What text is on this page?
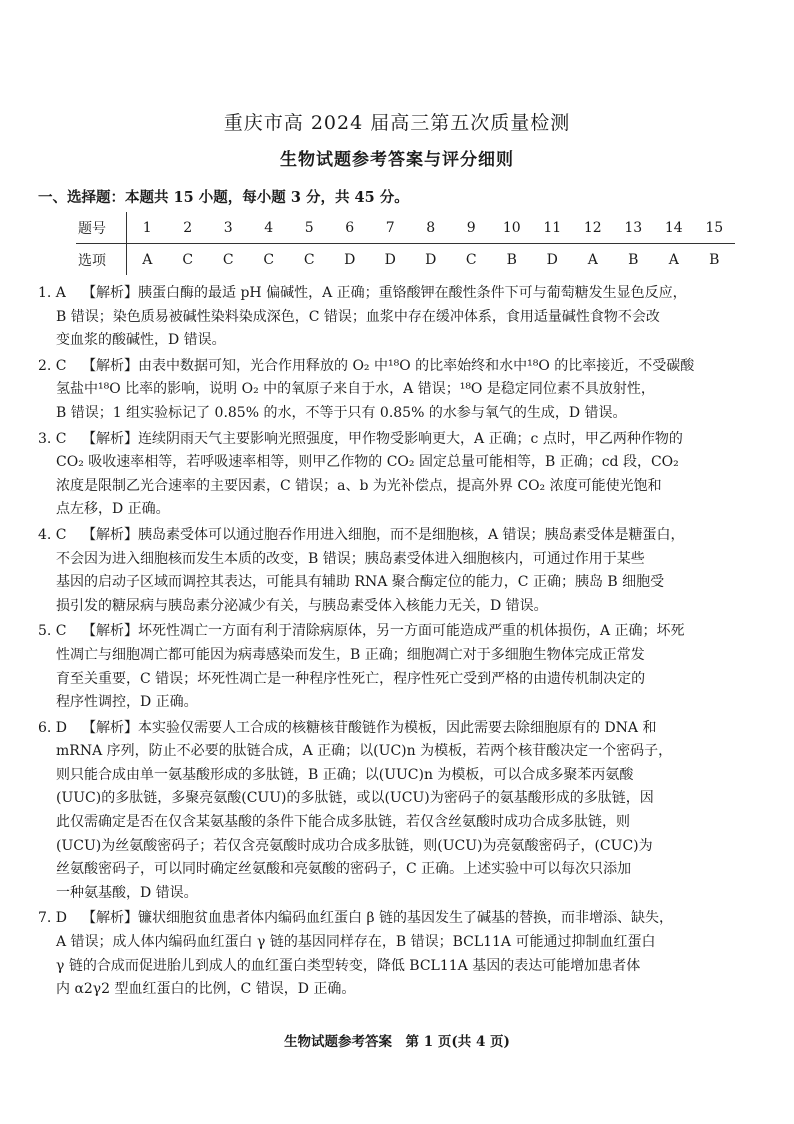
重庆市高 2024 届高三第五次质量检测
生物试题参考答案与评分细则
一、选择题：本题共 15 小题，每小题 3 分，共 45 分。
题号	1	2	3	4	5	6	7	8	9	10	11	12	13	14	15
选项	A	C	C	C	C	D	D	D	C	B	D	A	B	A	B
1. A 【解析】胰蛋白酶的最适 pH 偏碱性，A 正确；重铬酸钾在酸性条件下可与葡萄糖发生显色反应，
B 错误；染色质易被碱性染料染成深色，C 错误；血浆中存在缓冲体系，食用适量碱性食物不会改
变血浆的酸碱性，D 错误。
2. C 【解析】由表中数据可知，光合作用释放的 O₂ 中¹⁸O 的比率始终和水中¹⁸O 的比率接近，不受碳酸
氢盐中¹⁸O 比率的影响，说明 O₂ 中的氧原子来自于水，A 错误；¹⁸O 是稳定同位素不具放射性，
B 错误；1 组实验标记了 0.85% 的水，不等于只有 0.85% 的水参与氧气的生成，D 错误。
3. C 【解析】连续阴雨天气主要影响光照强度，甲作物受影响更大，A 正确；c 点时，甲乙两种作物的
CO₂ 吸收速率相等，若呼吸速率相等，则甲乙作物的 CO₂ 固定总量可能相等，B 正确；cd 段，CO₂
浓度是限制乙光合速率的主要因素，C 错误；a、b 为光补偿点，提高外界 CO₂ 浓度可能使光饱和
点左移，D 正确。
4. C 【解析】胰岛素受体可以通过胞吞作用进入细胞，而不是细胞核，A 错误；胰岛素受体是糖蛋白，
不会因为进入细胞核而发生本质的改变，B 错误；胰岛素受体进入细胞核内，可通过作用于某些
基因的启动子区域而调控其表达，可能具有辅助 RNA 聚合酶定位的能力，C 正确；胰岛 B 细胞受
损引发的糖尿病与胰岛素分泌减少有关，与胰岛素受体入核能力无关，D 错误。
5. C 【解析】坏死性凋亡一方面有利于清除病原体，另一方面可能造成严重的机体损伤，A 正确；坏死
性凋亡与细胞凋亡都可能因为病毒感染而发生，B 正确；细胞凋亡对于多细胞生物体完成正常发
育至关重要，C 错误；坏死性凋亡是一种程序性死亡，程序性死亡受到严格的由遗传机制决定的
程序性调控，D 正确。
6. D 【解析】本实验仅需要人工合成的核糖核苷酸链作为模板，因此需要去除细胞原有的 DNA 和
mRNA 序列，防止不必要的肽链合成，A 正确；以(UC)n 为模板，若两个核苷酸决定一个密码子，
则只能合成由单一氨基酸形成的多肽链，B 正确；以(UUC)n 为模板，可以合成多聚苯丙氨酸
(UUC)的多肽链，多聚亮氨酸(CUU)的多肽链，或以(UCU)为密码子的氨基酸形成的多肽链，因
此仅需确定是否在仅含某氨基酸的条件下能合成多肽链，若仅含丝氨酸时成功合成多肽链，则
(UCU)为丝氨酸密码子；若仅含亮氨酸时成功合成多肽链，则(UCU)为亮氨酸密码子，(CUC)为
丝氨酸密码子，可以同时确定丝氨酸和亮氨酸的密码子，C 正确。上述实验中可以每次只添加
一种氨基酸，D 错误。
7. D 【解析】镰状细胞贫血患者体内编码血红蛋白 β 链的基因发生了碱基的替换，而非增添、缺失，
A 错误；成人体内编码血红蛋白 γ 链的基因同样存在，B 错误；BCL11A 可能通过抑制血红蛋白
γ 链的合成而促进胎儿到成人的血红蛋白类型转变，降低 BCL11A 基因的表达可能增加患者体
内 α2γ2 型血红蛋白的比例，C 错误，D 正确。
生物试题参考答案　第 1 页(共 4 页)
